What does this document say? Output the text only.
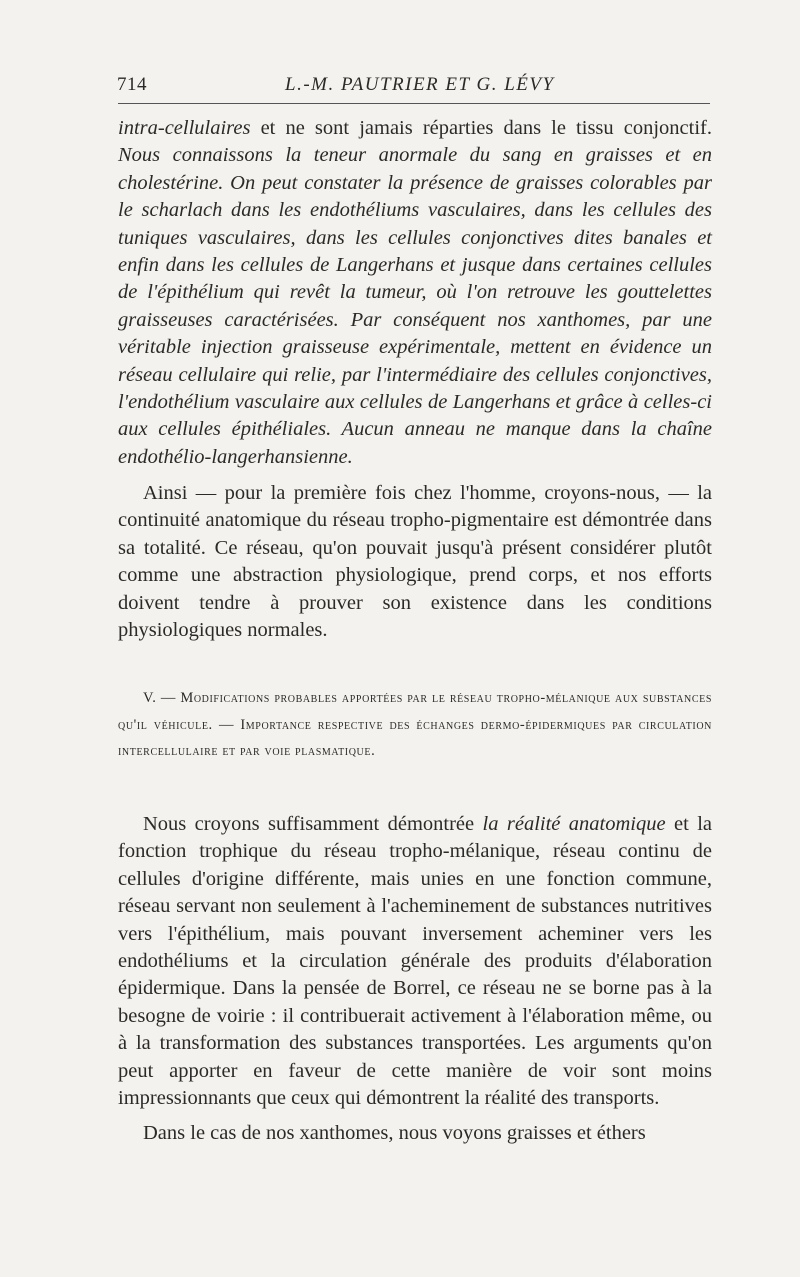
714	L.-M. PAUTRIER ET G. LÉVY

intra-cellulaires et ne sont jamais réparties dans le tissu conjonctif. Nous connaissons la teneur anormale du sang en graisses et en cholestérine. On peut constater la présence de graisses colorables par le scharlach dans les endothéliums vasculaires, dans les cellules des tuniques vasculaires, dans les cellules conjonctives dites banales et enfin dans les cellules de Langerhans et jusque dans certaines cellules de l'épithélium qui revêt la tumeur, où l'on retrouve les gouttelettes graisseuses caractérisées. Par conséquent nos xanthomes, par une véritable injection graisseuse expérimentale, mettent en évidence un réseau cellulaire qui relie, par l'intermédiaire des cellules conjonctives, l'endothélium vasculaire aux cellules de Langerhans et grâce à celles-ci aux cellules épithéliales. Aucun anneau ne manque dans la chaîne endothélio-langerhansienne.

Ainsi — pour la première fois chez l'homme, croyons-nous, — la continuité anatomique du réseau tropho-pigmentaire est démontrée dans sa totalité. Ce réseau, qu'on pouvait jusqu'à présent considérer plutôt comme une abstraction physiologique, prend corps, et nos efforts doivent tendre à prouver son existence dans les conditions physiologiques normales.

V. — Modifications probables apportées par le réseau tropho-mélanique aux substances qu'il véhicule. — Importance respective des échanges dermo-épidermiques par circulation intercellulaire et par voie plasmatique.

Nous croyons suffisamment démontrée la réalité anatomique et la fonction trophique du réseau tropho-mélanique, réseau continu de cellules d'origine différente, mais unies en une fonction commune, réseau servant non seulement à l'acheminement de substances nutritives vers l'épithélium, mais pouvant inversement acheminer vers les endothéliums et la circulation générale des produits d'élaboration épidermique. Dans la pensée de Borrel, ce réseau ne se borne pas à la besogne de voirie : il contribuerait activement à l'élaboration même, ou à la transformation des substances transportées. Les arguments qu'on peut apporter en faveur de cette manière de voir sont moins impressionnants que ceux qui démontrent la réalité des transports.

Dans le cas de nos xanthomes, nous voyons graisses et éthers
